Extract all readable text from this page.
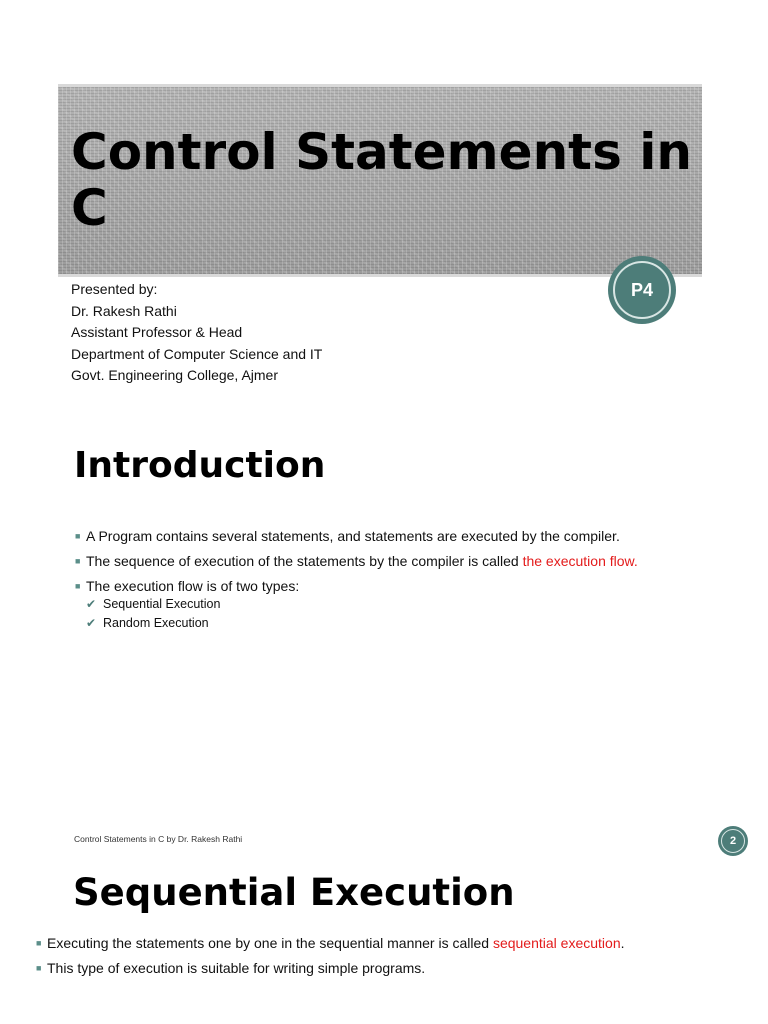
Control Statements in C
P4
Presented by:
Dr. Rakesh Rathi
Assistant Professor & Head
Department of Computer Science and IT
Govt. Engineering College, Ajmer
Introduction
■ A Program contains several statements, and statements are executed by the compiler.
■ The sequence of execution of the statements by the compiler is called the execution flow.
■ The execution flow is of two types:
✔ Sequential Execution
✔ Random Execution
Control Statements in C by Dr. Rakesh Rathi	2
Sequential Execution
■ Executing the statements one by one in the sequential manner is called sequential execution.
■ This type of execution is suitable for writing simple programs.
